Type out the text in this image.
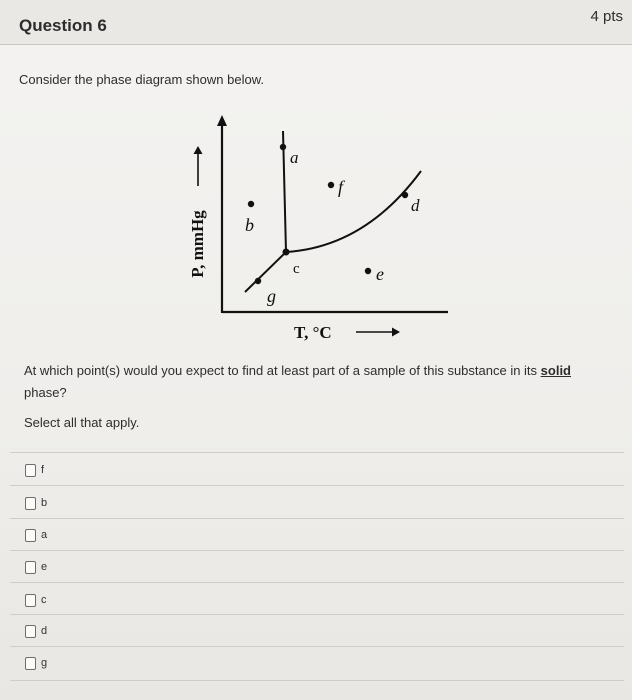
Question 6	4 pts
Consider the phase diagram shown below.
a
b
c
d
e
f
g
P, mmHg
T, °C
At which point(s) would you expect to find at least part of a sample of this substance in its solid phase?
Select all that apply.
f
b
a
e
c
d
g
